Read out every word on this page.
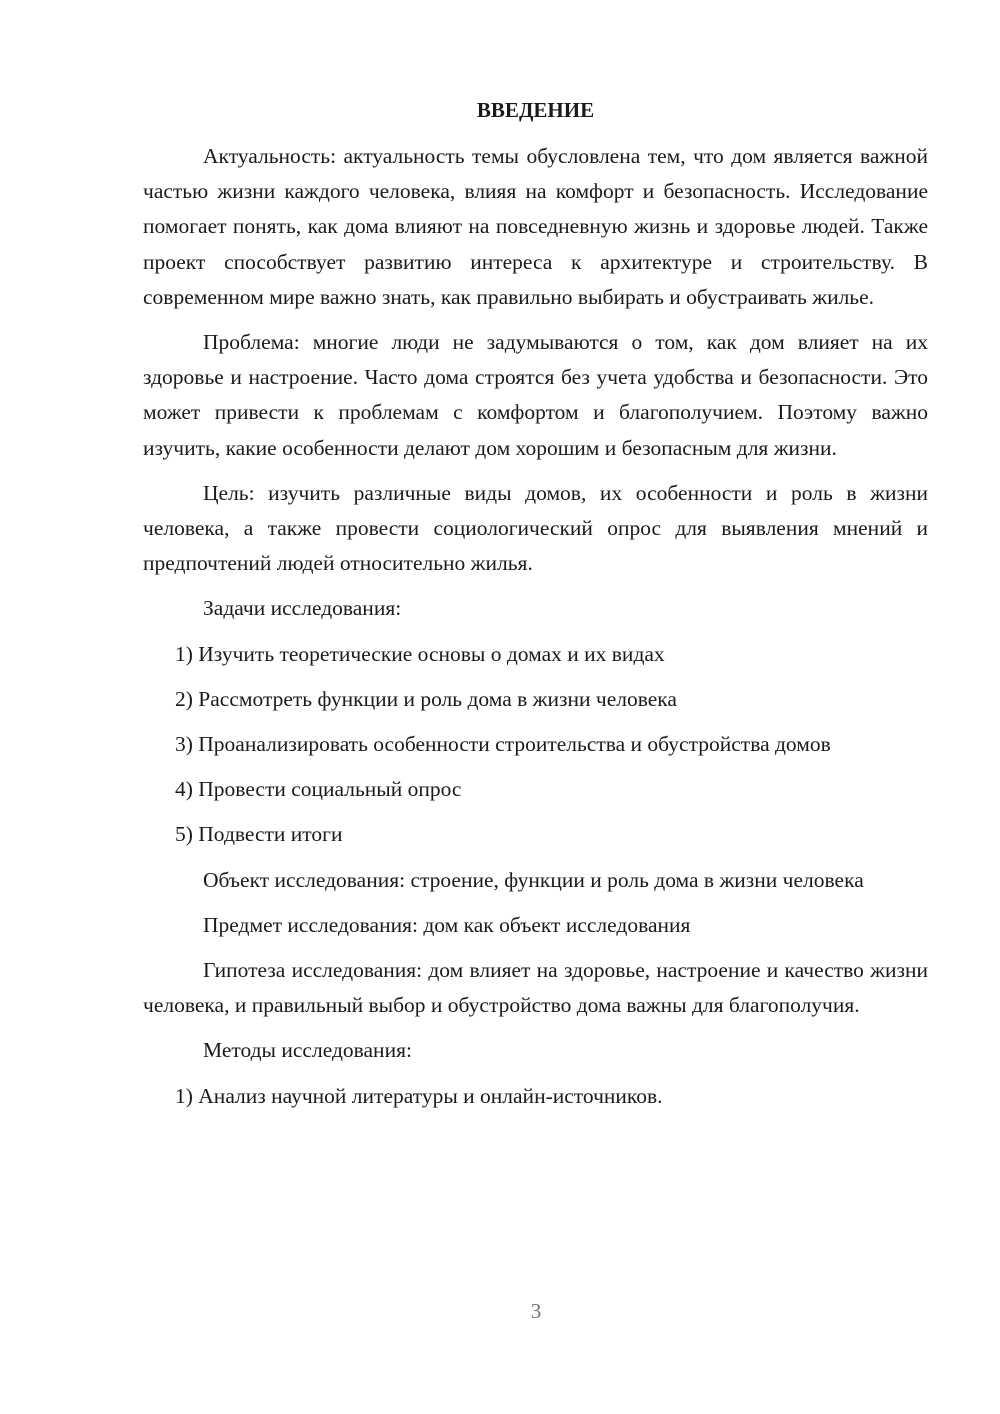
ВВЕДЕНИЕ

Актуальность: актуальность темы обусловлена тем, что дом является важной частью жизни каждого человека, влияя на комфорт и безопасность. Исследование помогает понять, как дома влияют на повседневную жизнь и здоровье людей. Также проект способствует развитию интереса к архитектуре и строительству. В современном мире важно знать, как правильно выбирать и обустраивать жилье.

Проблема: многие люди не задумываются о том, как дом влияет на их здоровье и настроение. Часто дома строятся без учета удобства и безопасности. Это может привести к проблемам с комфортом и благополучием. Поэтому важно изучить, какие особенности делают дом хорошим и безопасным для жизни.

Цель: изучить различные виды домов, их особенности и роль в жизни человека, а также провести социологический опрос для выявления мнений и предпочтений людей относительно жилья.

Задачи исследования:

1) Изучить теоретические основы о домах и их видах

2) Рассмотреть функции и роль дома в жизни человека

3) Проанализировать особенности строительства и обустройства домов

4) Провести социальный опрос

5) Подвести итоги

Объект исследования: строение, функции и роль дома в жизни человека

Предмет исследования: дом как объект исследования

Гипотеза исследования: дом влияет на здоровье, настроение и качество жизни человека, и правильный выбор и обустройство дома важны для благополучия.

Методы исследования:

1) Анализ научной литературы и онлайн-источников.

3
